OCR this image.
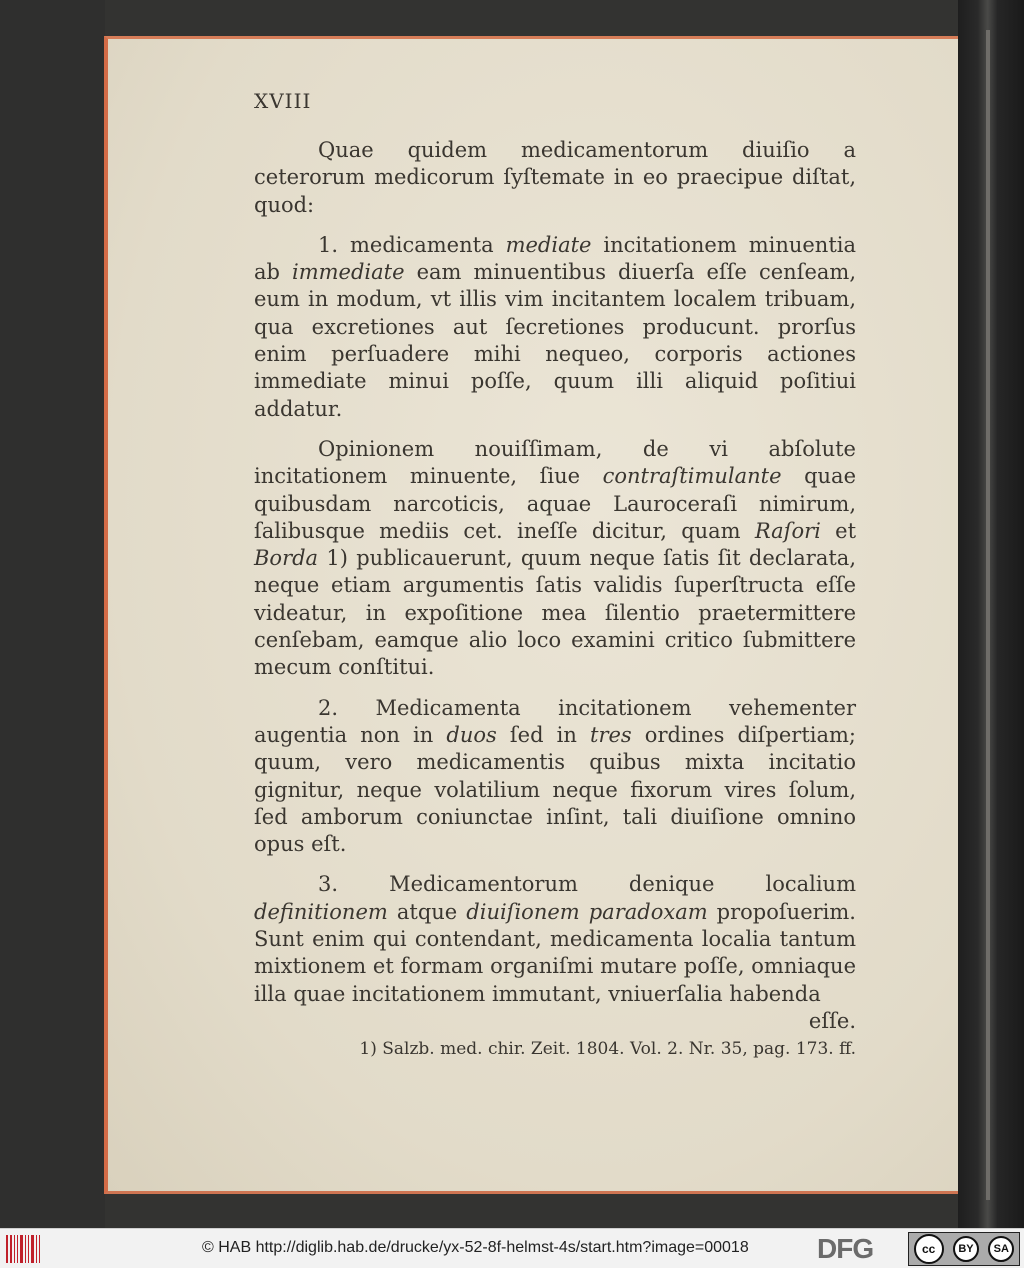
XVIII

Quae quidem medicamentorum diuiſio a ceterorum medicorum ſyſtemate in eo praecipue diſtat, quod:

1. medicamenta mediate incitationem minuentia ab immediate eam minuentibus diuerſa eſſe cenſeam, eum in modum, vt illis vim incitantem localem tribuam, qua excretiones aut ſecretiones producunt. prorſus enim perſuadere mihi nequeo, corporis actiones immediate minui poſſe, quum illi aliquid poſitiui addatur.

Opinionem nouiſſimam, de vi abſolute incitationem minuente, ſiue contraſtimulante quae quibusdam narcoticis, aquae Lauroceraſi nimirum, ſalibusque mediis cet. ineſſe dicitur, quam Raſori et Borda 1) publicauerunt, quum neque ſatis ſit declarata, neque etiam argumentis ſatis validis ſuperſtructa eſſe videatur, in expoſitione mea ſilentio praetermittere cenſebam, eamque alio loco examini critico ſubmittere mecum conſtitui.

2. Medicamenta incitationem vehementer augentia non in duos ſed in tres ordines diſpertiam; quum, vero medicamentis quibus mixta incitatio gignitur, neque volatilium neque fixorum vires ſolum, ſed amborum coniunctae inſint, tali diuiſione omnino opus eſt.

3. Medicamentorum denique localium definitionem atque diuiſionem paradoxam propoſuerim. Sunt enim qui contendant, medicamenta localia tantum mixtionem et formam organiſmi mutare poſſe, omniaque illa quae incitationem immutant, vniuerſalia habenda

eſſe.

1) Salzb. med. chir. Zeit. 1804. Vol. 2. Nr. 35, pag. 173. ff.
© HAB http://diglib.hab.de/drucke/yx-52-8f-helmst-4s/start.htm?image=00018 DFG	cc	BY	SA
